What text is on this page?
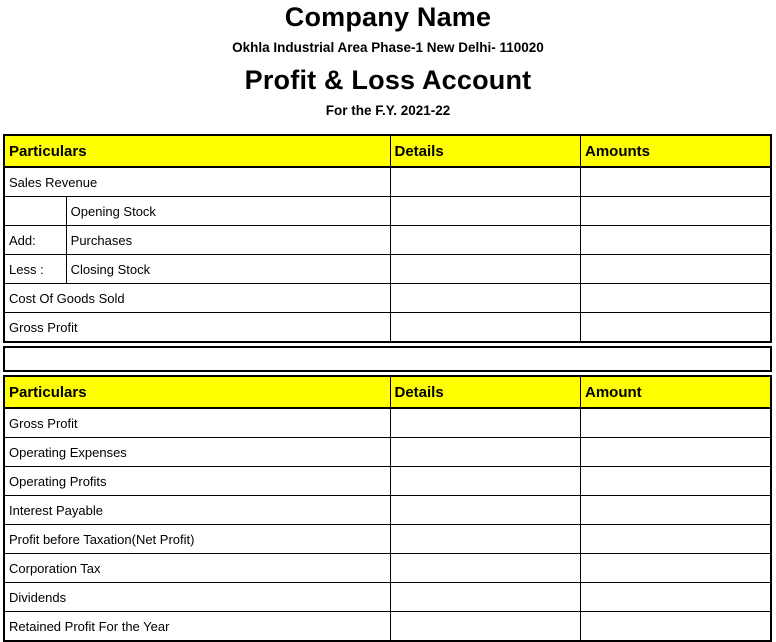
Company Name
Okhla Industrial Area Phase-1 New Delhi- 110020
Profit & Loss Account
For the F.Y. 2021-22
Particulars		Details	Amounts
Sales Revenue			
	Opening Stock		
Add:	Purchases		
Less :	Closing Stock		
Cost Of Goods Sold			
Gross Profit			
Particulars	Details	Amount
Gross Profit		
Operating Expenses		
Operating Profits		
Interest Payable		
Profit before Taxation(Net Profit)		
Corporation Tax		
Dividends		
Retained Profit For the Year		
